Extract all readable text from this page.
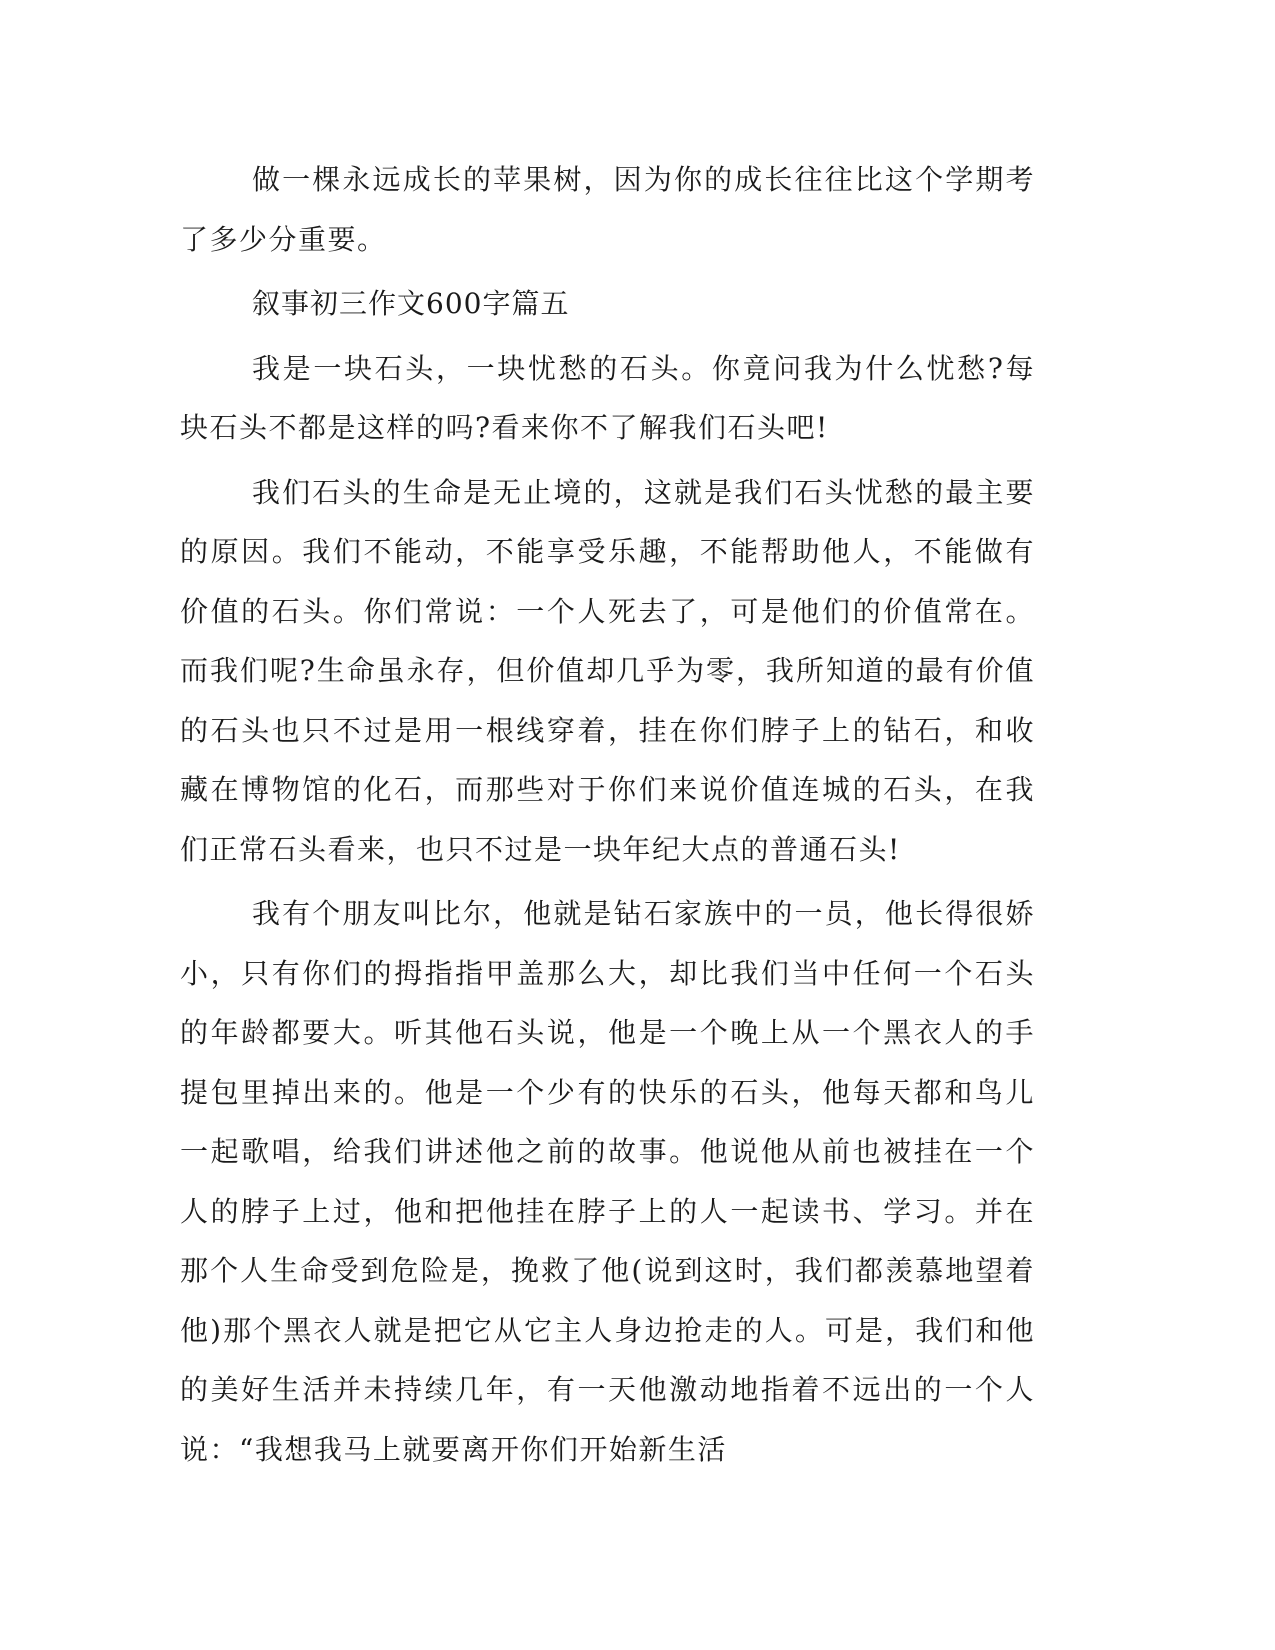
做一棵永远成长的苹果树，因为你的成长往往比这个学期考了多少分重要。

叙事初三作文600字篇五

我是一块石头，一块忧愁的石头。你竟问我为什么忧愁?每块石头不都是这样的吗?看来你不了解我们石头吧!

我们石头的生命是无止境的，这就是我们石头忧愁的最主要的原因。我们不能动，不能享受乐趣，不能帮助他人，不能做有价值的石头。你们常说：一个人死去了，可是他们的价值常在。而我们呢?生命虽永存，但价值却几乎为零，我所知道的最有价值的石头也只不过是用一根线穿着，挂在你们脖子上的钻石，和收藏在博物馆的化石，而那些对于你们来说价值连城的石头，在我们正常石头看来，也只不过是一块年纪大点的普通石头!

我有个朋友叫比尔，他就是钻石家族中的一员，他长得很娇小，只有你们的拇指指甲盖那么大，却比我们当中任何一个石头的年龄都要大。听其他石头说，他是一个晚上从一个黑衣人的手提包里掉出来的。他是一个少有的快乐的石头，他每天都和鸟儿一起歌唱，给我们讲述他之前的故事。他说他从前也被挂在一个人的脖子上过，他和把他挂在脖子上的人一起读书、学习。并在那个人生命受到危险是，挽救了他(说到这时，我们都羡慕地望着他)那个黑衣人就是把它从它主人身边抢走的人。可是，我们和他的美好生活并未持续几年，有一天他激动地指着不远出的一个人说：“我想我马上就要离开你们开始新生活
